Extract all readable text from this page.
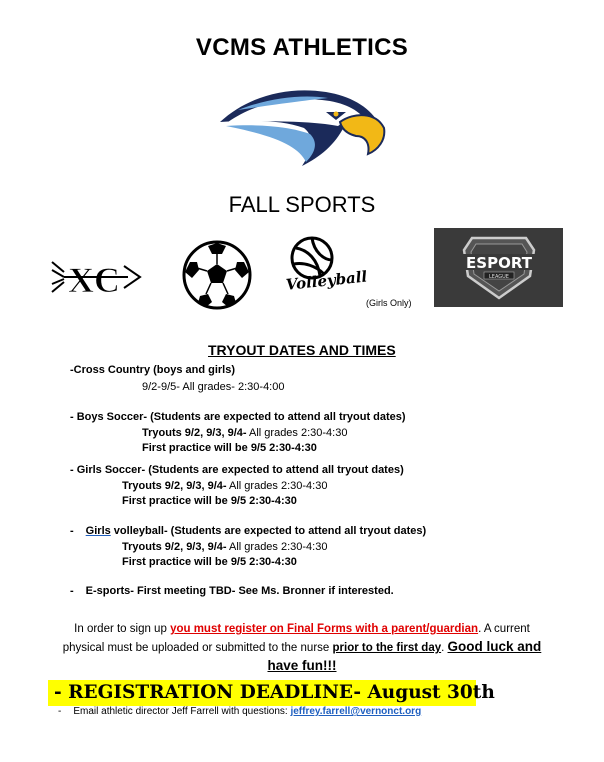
VCMS ATHLETICS
FALL SPORTS
XC	Volleyball
(Girls Only)
ESPORT
LEAGUE
TRYOUT DATES AND TIMES
-Cross Country (boys and girls)
9/2-9/5- All grades- 2:30-4:00
- Boys Soccer- (Students are expected to attend all tryout dates)
Tryouts 9/2, 9/3, 9/4- All grades 2:30-4:30
First practice will be 9/5 2:30-4:30
- Girls Soccer- (Students are expected to attend all tryout dates)
Tryouts 9/2, 9/3, 9/4- All grades 2:30-4:30
First practice will be 9/5 2:30-4:30
- Girls volleyball- (Students are expected to attend all tryout dates)
Tryouts 9/2, 9/3, 9/4- All grades 2:30-4:30
First practice will be 9/5 2:30-4:30
- E-sports- First meeting TBD- See Ms. Bronner if interested.
In order to sign up you must register on Final Forms with a parent/guardian. A current
physical must be uploaded or submitted to the nurse prior to the first day. Good luck and
have fun!!!
- REGISTRATION DEADLINE- August 30th
- Email athletic director Jeff Farrell with questions: jeffrey.farrell@vernonct.org
